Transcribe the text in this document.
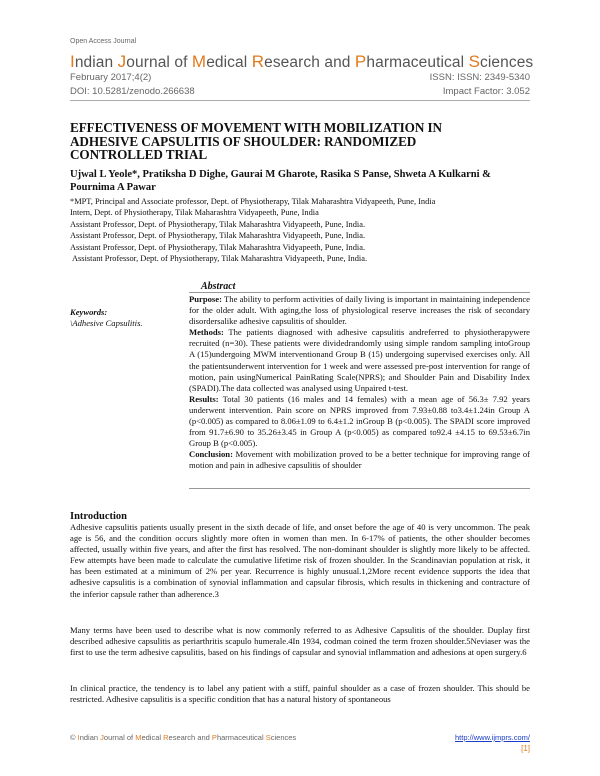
Open Access Journal
Indian Journal of Medical Research and Pharmaceutical Sciences
February 2017;4(2)	ISSN: ISSN: 2349-5340
DOI: 10.5281/zenodo.266638	Impact Factor: 3.052
EFFECTIVENESS OF MOVEMENT WITH MOBILIZATION IN ADHESIVE CAPSULITIS OF SHOULDER: RANDOMIZED CONTROLLED TRIAL
Ujwal L Yeole*, Pratiksha D Dighe, Gaurai M Gharote, Rasika S Panse, Shweta A Kulkarni & Pournima A Pawar
*MPT, Principal and Associate professor, Dept. of Physiotherapy, Tilak Maharashtra Vidyapeeth, Pune, India
Intern, Dept. of Physiotherapy, Tilak Maharashtra Vidyapeeth, Pune, India
Assistant Professor, Dept. of Physiotherapy, Tilak Maharashtra Vidyapeeth, Pune, India.
Assistant Professor, Dept. of Physiotherapy, Tilak Maharashtra Vidyapeeth, Pune, India.
Assistant Professor, Dept. of Physiotherapy, Tilak Maharashtra Vidyapeeth, Pune, India.
Assistant Professor, Dept. of Physiotherapy, Tilak Maharashtra Vidyapeeth, Pune, India.
Abstract
Keywords:
\Adhesive Capsulitis.

Purpose: The ability to perform activities of daily living is important in maintaining independence for the older adult. With aging,the loss of physiological reserve increases the risk of secondary disordersalike adhesive capsulitis of shoulder.

Methods: The patients diagnosed with adhesive capsulitis andreferred to physiotherapywere recruited (n=30). These patients were dividedrandomly using simple random sampling intoGroup A (15)undergoing MWM interventionand Group B (15) undergoing supervised exercises only. All the patientsunderwent intervention for 1 week and were assessed pre-post intervention for range of motion, pain usingNumerical PainRating Scale(NPRS); and Shoulder Pain and Disability Index (SPADI).The data collected was analysed using Unpaired t-test.

Results: Total 30 patients (16 males and 14 females) with a mean age of 56.3± 7.92 years underwent intervention. Pain score on NPRS improved from 7.93±0.88 to3.4±1.24in Group A (p<0.005) as compared to 8.06±1.09 to 6.4±1.2 inGroup B (p<0.005). The SPADI score improved from 91.7±6.90 to 35.26±3.45 in Group A (p<0.005) as compared to92.4 ±4.15 to 69.53±6.7in Group B (p<0.005).

Conclusion: Movement with mobilization proved to be a better technique for improving range of motion and pain in adhesive capsulitis of shoulder

Introduction

Adhesive capsulitis patients usually present in the sixth decade of life, and onset before the age of 40 is very uncommon. The peak age is 56, and the condition occurs slightly more often in women than men. In 6-17% of patients, the other shoulder becomes affected, usually within five years, and after the first has resolved. The non-dominant shoulder is slightly more likely to be affected. Few attempts have been made to calculate the cumulative lifetime risk of frozen shoulder. In the Scandinavian population at risk, it has been estimated at a minimum of 2% per year. Recurrence is highly unusual.1,2More recent evidence supports the idea that adhesive capsulitis is a combination of synovial inflammation and capsular fibrosis, which results in thickening and contracture of the inferior capsule rather than adherence.3

Many terms have been used to describe what is now commonly referred to as Adhesive Capsulitis of the shoulder. Duplay first described adhesive capsulitis as periarthritis scapulo humerale.4In 1934, codman coined the term frozen shoulder.5Neviaser was the first to use the term adhesive capsulitis, based on his findings of capsular and synovial inflammation and adhesions at open surgery.6

In clinical practice, the tendency is to label any patient with a stiff, painful shoulder as a case of frozen shoulder. This should be restricted. Adhesive capsulitis is a specific condition that has a natural history of spontaneous

© Indian Journal of Medical Research and Pharmaceutical Sciences	http://www.ijmprs.com/
[1]
